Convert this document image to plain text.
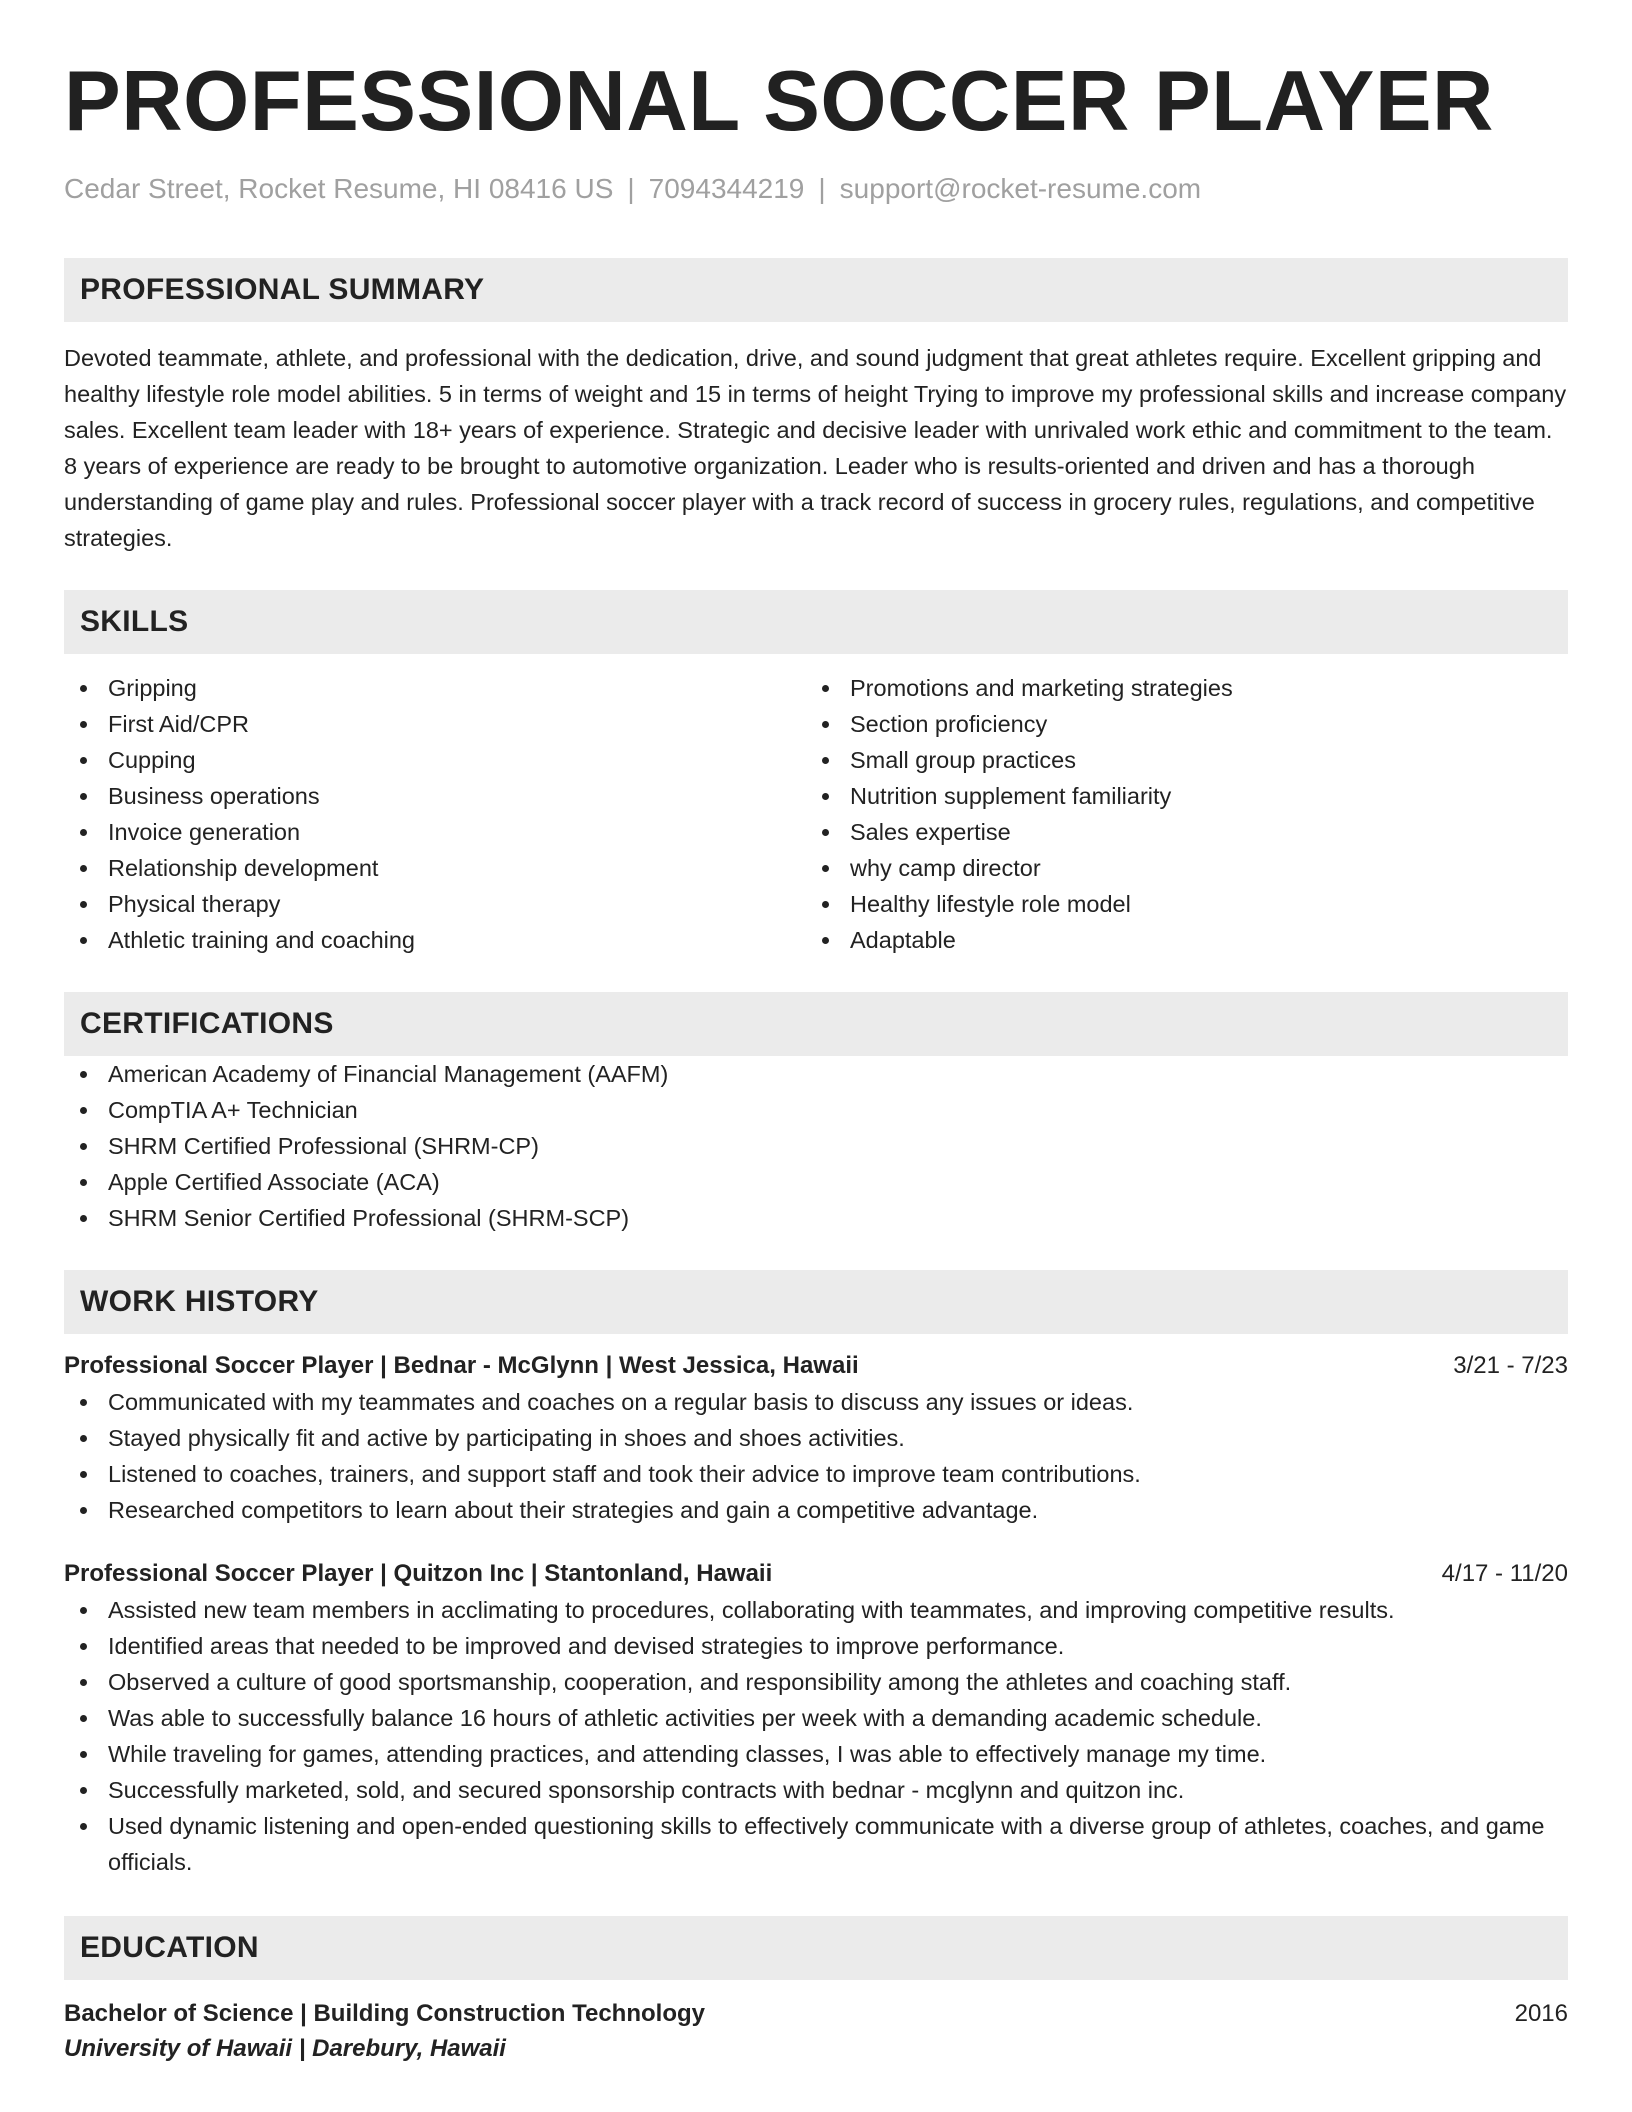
PROFESSIONAL SOCCER PLAYER
Cedar Street, Rocket Resume, HI 08416 US | 7094344219 | support@rocket-resume.com
PROFESSIONAL SUMMARY
Devoted teammate, athlete, and professional with the dedication, drive, and sound judgment that great athletes require. Excellent gripping and healthy lifestyle role model abilities. 5 in terms of weight and 15 in terms of height Trying to improve my professional skills and increase company sales. Excellent team leader with 18+ years of experience. Strategic and decisive leader with unrivaled work ethic and commitment to the team. 8 years of experience are ready to be brought to automotive organization. Leader who is results-oriented and driven and has a thorough understanding of game play and rules. Professional soccer player with a track record of success in grocery rules, regulations, and competitive strategies.
SKILLS
Gripping
First Aid/CPR
Cupping
Business operations
Invoice generation
Relationship development
Physical therapy
Athletic training and coaching
Promotions and marketing strategies
Section proficiency
Small group practices
Nutrition supplement familiarity
Sales expertise
why camp director
Healthy lifestyle role model
Adaptable
CERTIFICATIONS
American Academy of Financial Management (AAFM)
CompTIA A+ Technician
SHRM Certified Professional (SHRM-CP)
Apple Certified Associate (ACA)
SHRM Senior Certified Professional (SHRM-SCP)
WORK HISTORY
Professional Soccer Player | Bednar - McGlynn | West Jessica, Hawaii	3/21 - 7/23
Communicated with my teammates and coaches on a regular basis to discuss any issues or ideas.
Stayed physically fit and active by participating in shoes and shoes activities.
Listened to coaches, trainers, and support staff and took their advice to improve team contributions.
Researched competitors to learn about their strategies and gain a competitive advantage.
Professional Soccer Player | Quitzon Inc | Stantonland, Hawaii	4/17 - 11/20
Assisted new team members in acclimating to procedures, collaborating with teammates, and improving competitive results.
Identified areas that needed to be improved and devised strategies to improve performance.
Observed a culture of good sportsmanship, cooperation, and responsibility among the athletes and coaching staff.
Was able to successfully balance 16 hours of athletic activities per week with a demanding academic schedule.
While traveling for games, attending practices, and attending classes, I was able to effectively manage my time.
Successfully marketed, sold, and secured sponsorship contracts with bednar - mcglynn and quitzon inc.
Used dynamic listening and open-ended questioning skills to effectively communicate with a diverse group of athletes, coaches, and game officials.
EDUCATION
Bachelor of Science | Building Construction Technology	2016
University of Hawaii | Darebury, Hawaii
